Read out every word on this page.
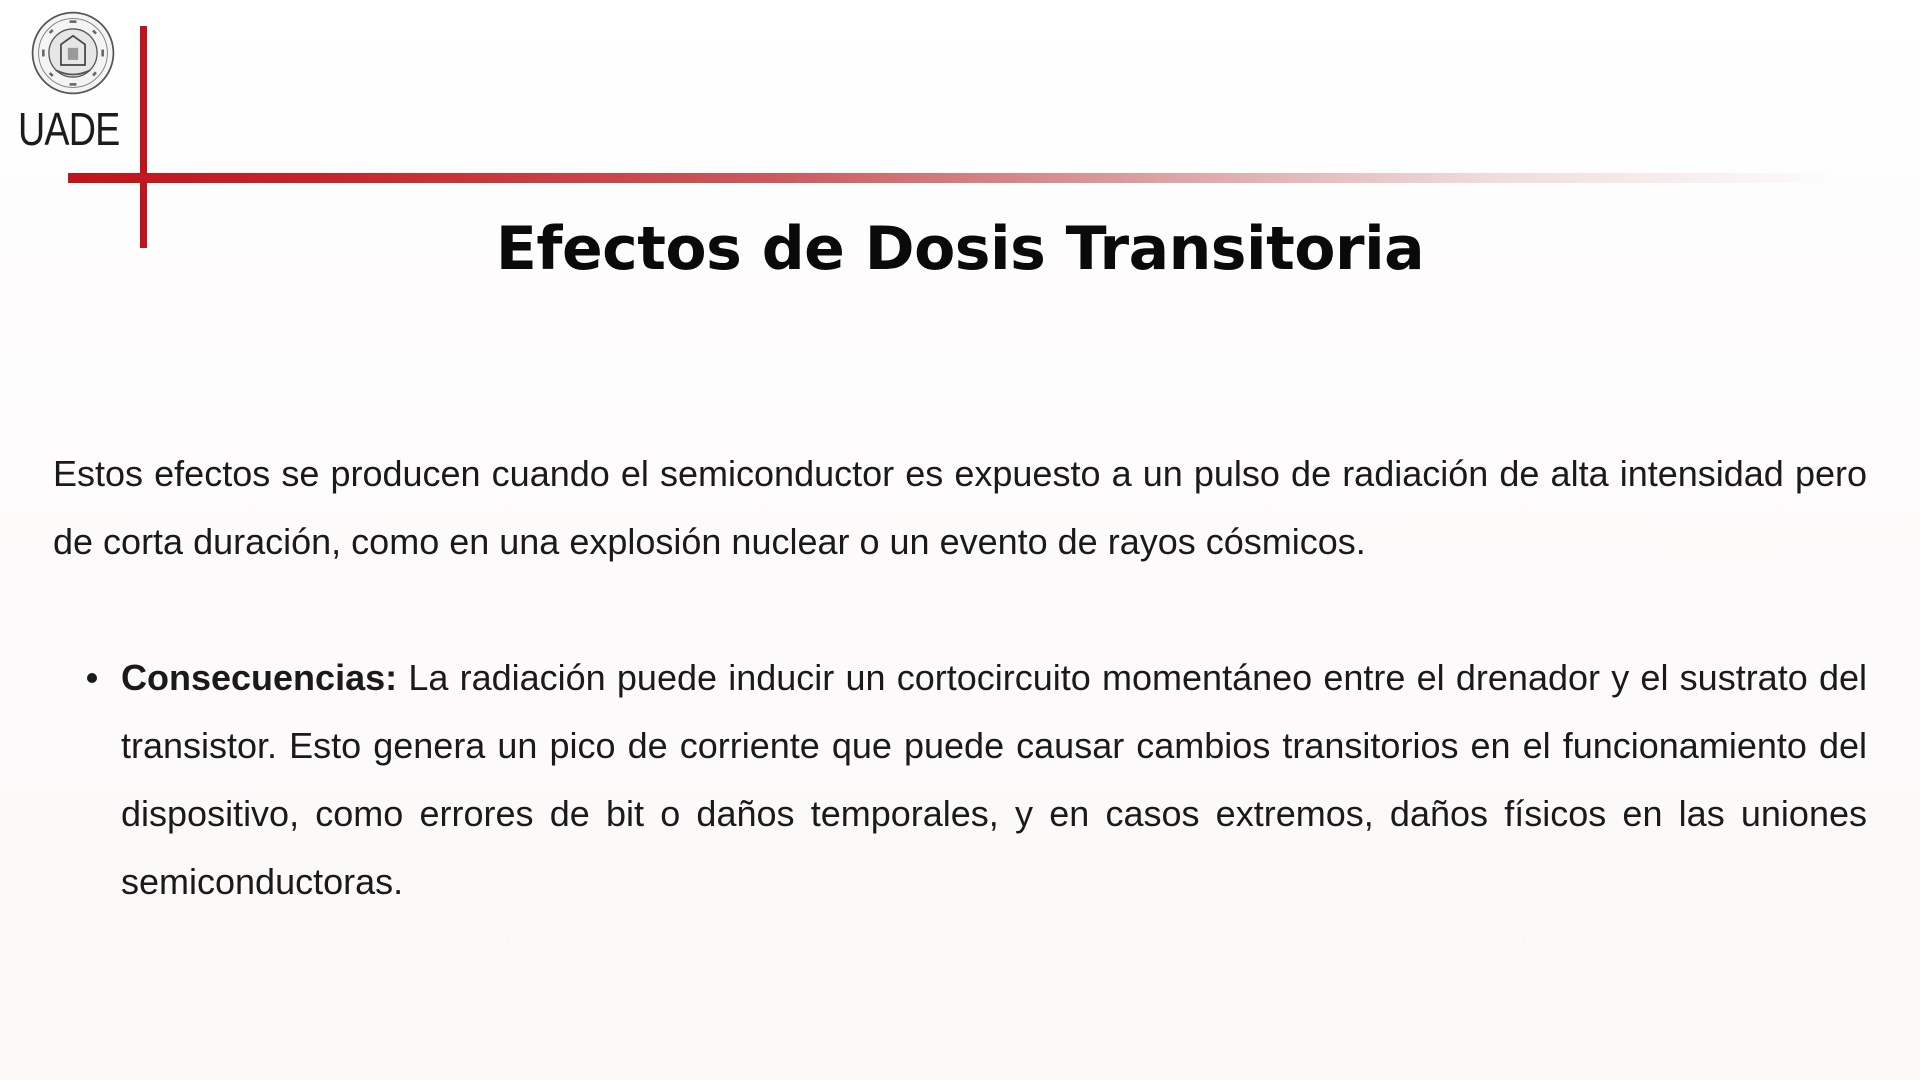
UADE
Efectos de Dosis Transitoria

Estos efectos se producen cuando el semiconductor es expuesto a un pulso de radiación de alta intensidad pero de corta duración, como en una explosión nuclear o un evento de rayos cósmicos.

Consecuencias: La radiación puede inducir un cortocircuito momentáneo entre el drenador y el sustrato del transistor. Esto genera un pico de corriente que puede causar cambios transitorios en el funcionamiento del dispositivo, como errores de bit o daños temporales, y en casos extremos, daños físicos en las uniones semiconductoras.
